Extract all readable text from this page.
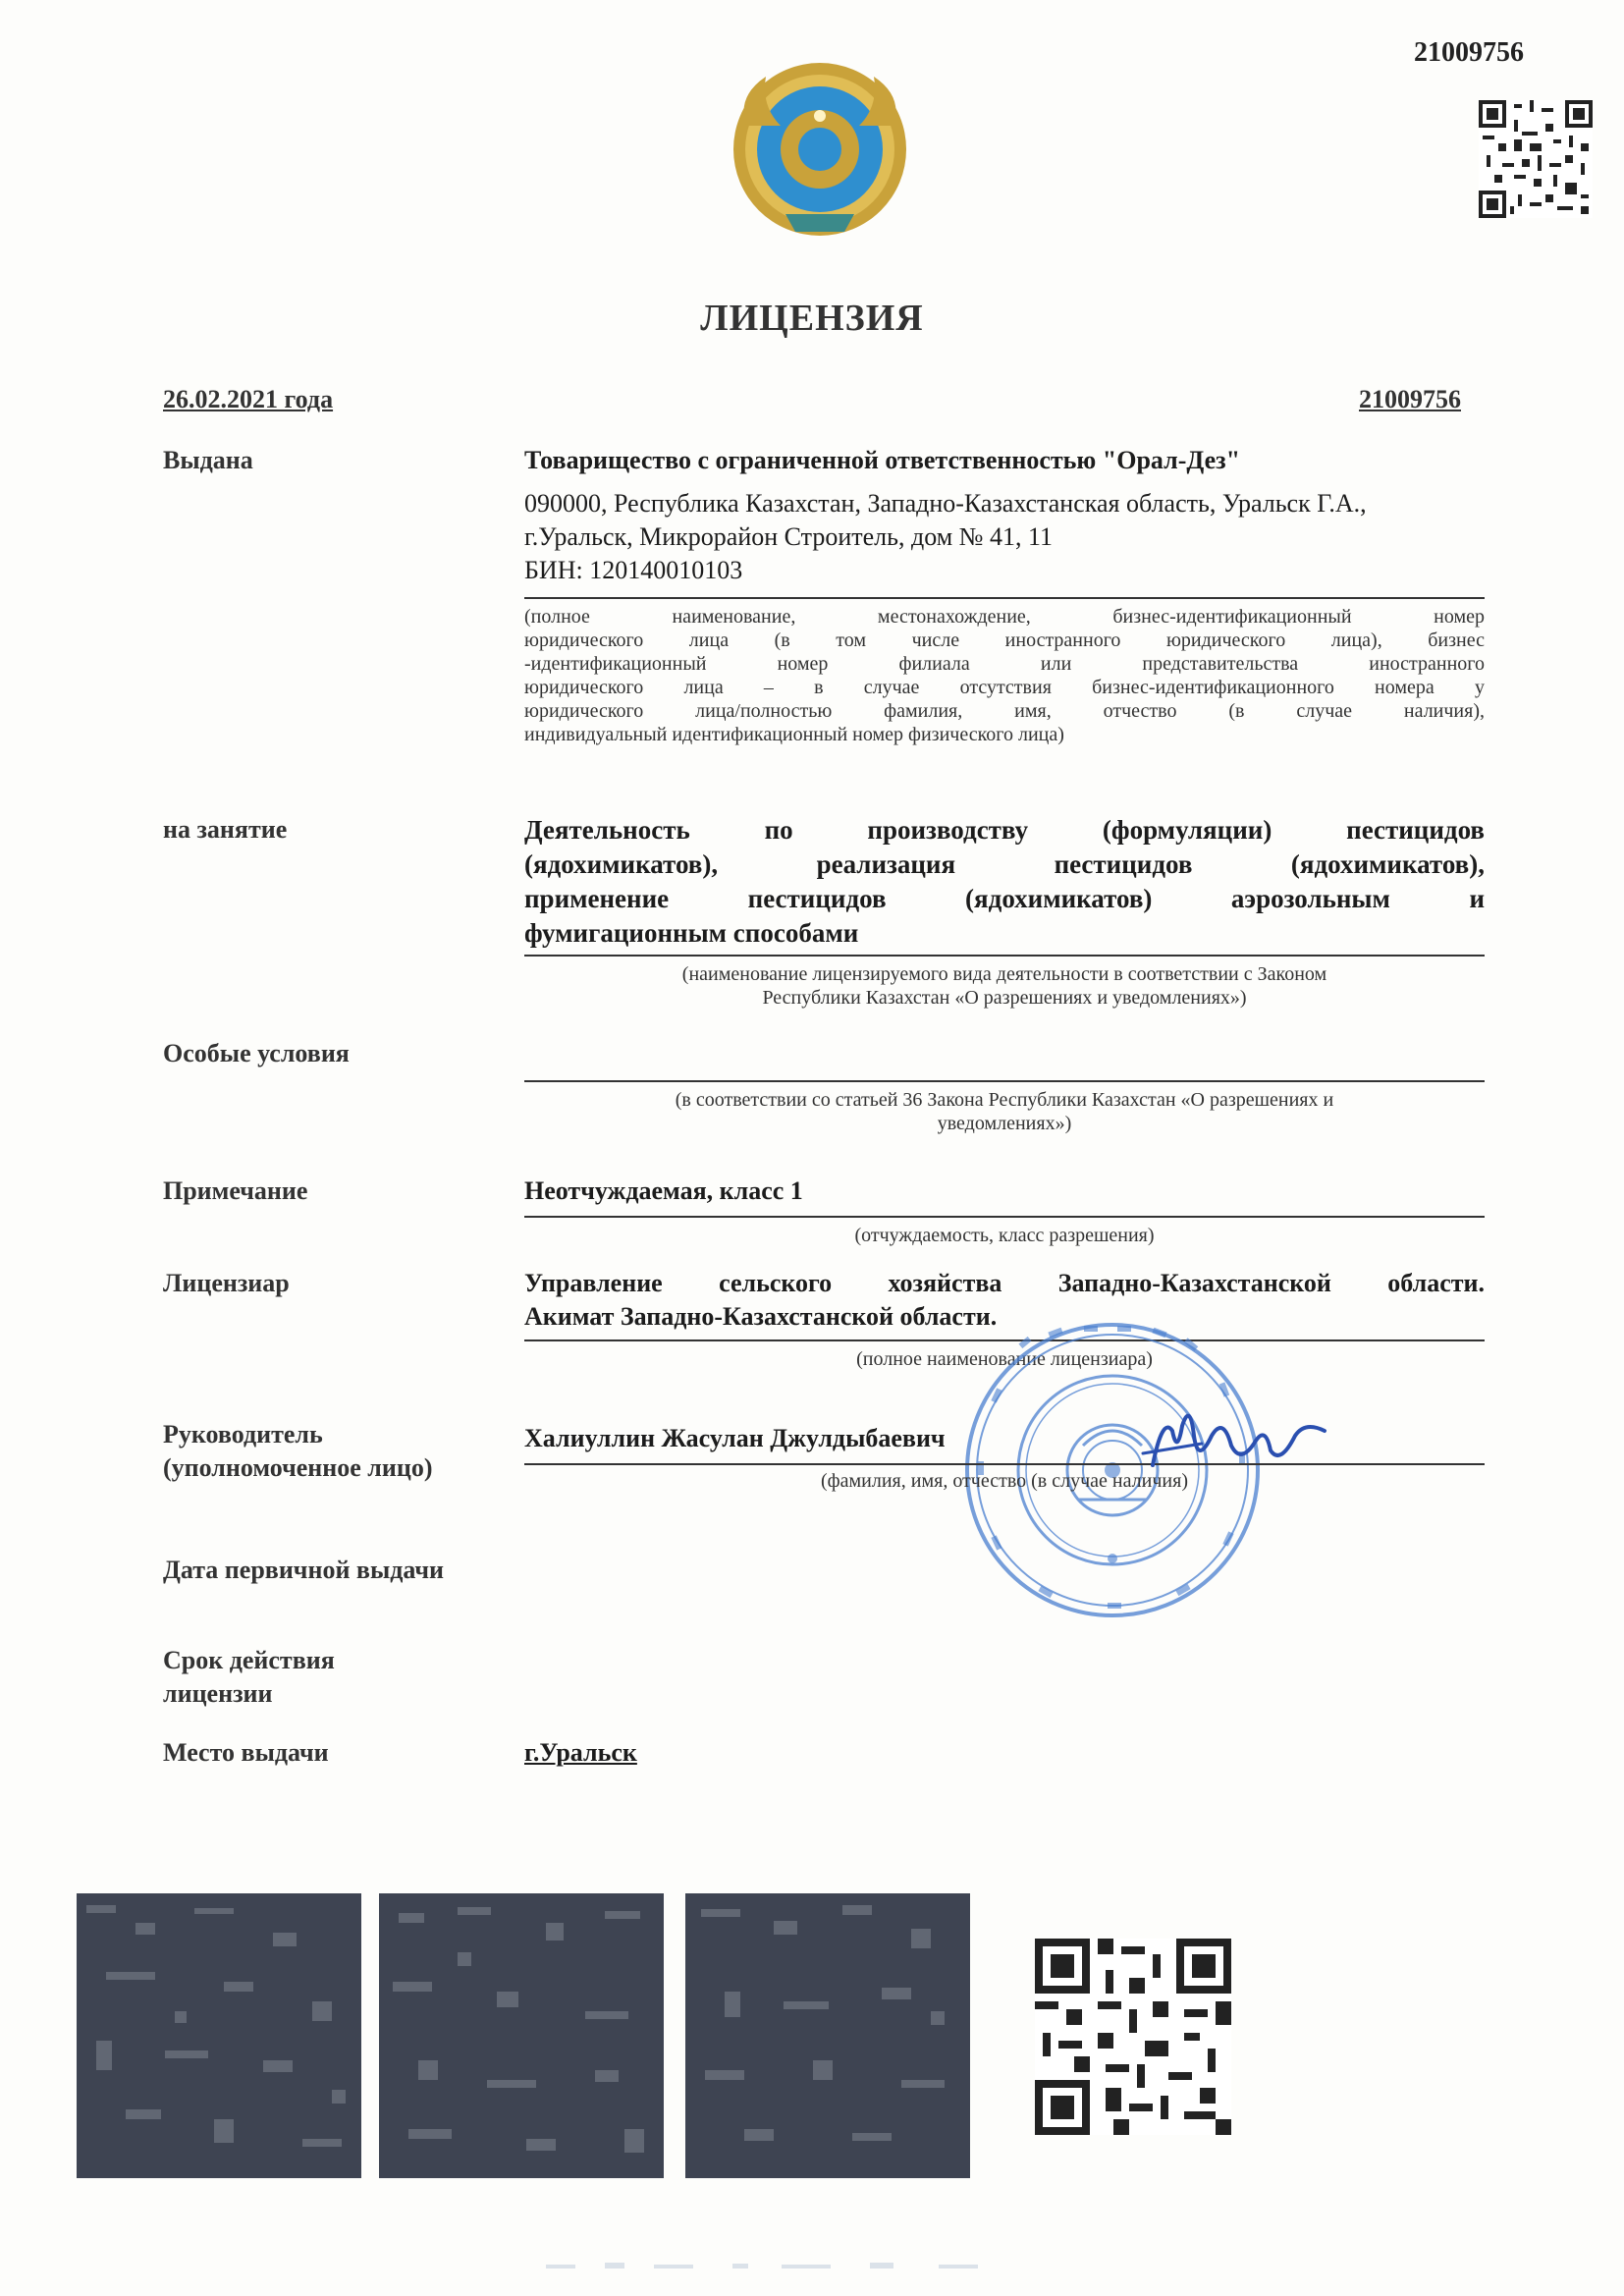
21009756
ЛИЦЕНЗИЯ
26.02.2021 года	21009756
Выдана	Товарищество с ограниченной ответственностью "Орал-Дез"
090000, Республика Казахстан, Западно-Казахстанская область, Уральск Г.А.,
г.Уральск, Микрорайон Строитель, дом № 41, 11
БИН: 120140010103
(полное наименование, местонахождение, бизнес-идентификационный номер
юридического лица (в том числе иностранного юридического лица), бизнес
-идентификационный номер филиала или представительства иностранного
юридического лица – в случае отсутствия бизнес-идентификационного номера у
юридического лица/полностью фамилия, имя, отчество (в случае наличия),
индивидуальный идентификационный номер физического лица)
на занятие	Деятельность по производству (формуляции) пестицидов
(ядохимикатов), реализация пестицидов (ядохимикатов),
применение пестицидов (ядохимикатов) аэрозольным и
фумигационным способами
(наименование лицензируемого вида деятельности в соответствии с Законом
Республики Казахстан «О разрешениях и уведомлениях»)
Особые условия
(в соответствии со статьей 36 Закона Республики Казахстан «О разрешениях и
уведомлениях»)
Примечание	Неотчуждаемая, класс 1
(отчуждаемость, класс разрешения)
Лицензиар	Управление сельского хозяйства Западно-Казахстанской области.
Акимат Западно-Казахстанской области.
(полное наименование лицензиара)
Руководитель
(уполномоченное лицо)
Халиуллин Жасулан Джулдыбаевич
(фамилия, имя, отчество (в случае наличия)
Дата первичной выдачи
Срок действия
лицензии
Место выдачи	г.Уральск
